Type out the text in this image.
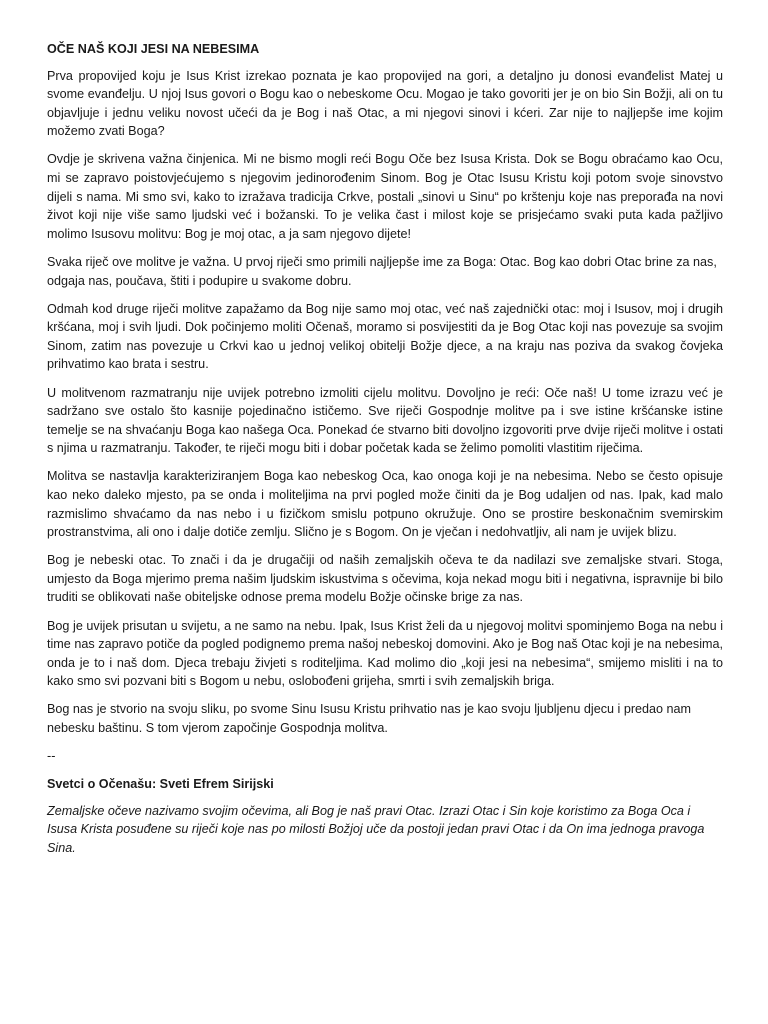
OČE NAŠ KOJI JESI NA NEBESIMA

Prva propovijed koju je Isus Krist izrekao poznata je kao propovijed na gori, a detaljno ju donosi evanđelist Matej u svome evanđelju. U njoj Isus govori o Bogu kao o nebeskome Ocu. Mogao je tako govoriti jer je on bio Sin Božji, ali on tu objavljuje i jednu veliku novost učeći da je Bog i naš Otac, a mi njegovi sinovi i kćeri. Zar nije to najljepše ime kojim možemo zvati Boga?

Ovdje je skrivena važna činjenica. Mi ne bismo mogli reći Bogu Oče bez Isusa Krista. Dok se Bogu obraćamo kao Ocu, mi se zapravo poistovjećujemo s njegovim jedinorođenim Sinom. Bog je Otac Isusu Kristu koji potom svoje sinovstvo dijeli s nama. Mi smo svi, kako to izražava tradicija Crkve, postali „sinovi u Sinu“ po krštenju koje nas preporađa na novi život koji nije više samo ljudski već i božanski. To je velika čast i milost koje se prisjećamo svaki puta kada pažljivo molimo Isusovu molitvu: Bog je moj otac, a ja sam njegovo dijete!

Svaka riječ ove molitve je važna. U prvoj riječi smo primili najljepše ime za Boga: Otac. Bog kao dobri Otac brine za nas, odgaja nas, poučava, štiti i podupire u svakome dobru.

Odmah kod druge riječi molitve zapažamo da Bog nije samo moj otac, već naš zajednički otac: moj i Isusov, moj i drugih kršćana, moj i svih ljudi. Dok počinjemo moliti Očenaš, moramo si posvijestiti da je Bog Otac koji nas povezuje sa svojim Sinom, zatim nas povezuje u Crkvi kao u jednoj velikoj obitelji Božje djece, a na kraju nas poziva da svakog čovjeka prihvatimo kao brata i sestru.

U molitvenom razmatranju nije uvijek potrebno izmoliti cijelu molitvu. Dovoljno je reći: Oče naš! U tome izrazu već je sadržano sve ostalo što kasnije pojedinačno ističemo. Sve riječi Gospodnje molitve pa i sve istine kršćanske istine temelje se na shvaćanju Boga kao našega Oca. Ponekad će stvarno biti dovoljno izgovoriti prve dvije riječi molitve i ostati s njima u razmatranju. Također, te riječi mogu biti i dobar početak kada se želimo pomoliti vlastitim riječima.

Molitva se nastavlja karakteriziranjem Boga kao nebeskog Oca, kao onoga koji je na nebesima. Nebo se često opisuje kao neko daleko mjesto, pa se onda i moliteljima na prvi pogled može činiti da je Bog udaljen od nas. Ipak, kad malo razmislimo shvaćamo da nas nebo i u fizičkom smislu potpuno okružuje. Ono se prostire beskonačnim svemirskim prostranstvima, ali ono i dalje dotiče zemlju. Slično je s Bogom. On je vječan i nedohvatljiv, ali nam je uvijek blizu.

Bog je nebeski otac. To znači i da je drugačiji od naših zemaljskih očeva te da nadilazi sve zemaljske stvari. Stoga, umjesto da Boga mjerimo prema našim ljudskim iskustvima s očevima, koja nekad mogu biti i negativna, ispravnije bi bilo truditi se oblikovati naše obiteljske odnose prema modelu Božje očinske brige za nas.

Bog je uvijek prisutan u svijetu, a ne samo na nebu. Ipak, Isus Krist želi da u njegovoj molitvi spominjemo Boga na nebu i time nas zapravo potiče da pogled podignemo prema našoj nebeskoj domovini. Ako je Bog naš Otac koji je na nebesima, onda je to i naš dom. Djeca trebaju živjeti s roditeljima. Kad molimo dio „koji jesi na nebesima“, smijemo misliti i na to kako smo svi pozvani biti s Bogom u nebu, oslobođeni grijeha, smrti i svih zemaljskih briga.

Bog nas je stvorio na svoju sliku, po svome Sinu Isusu Kristu prihvatio nas je kao svoju ljubljenu djecu i predao nam nebesku baštinu. S tom vjerom započinje Gospodnja molitva.

--

Svetci o Očenašu: Sveti Efrem Sirijski

Zemaljske očeve nazivamo svojim očevima, ali Bog je naš pravi Otac. Izrazi Otac i Sin koje koristimo za Boga Oca i Isusa Krista posuđene su riječi koje nas po milosti Božjoj uče da postoji jedan pravi Otac i da On ima jednoga pravoga Sina.
